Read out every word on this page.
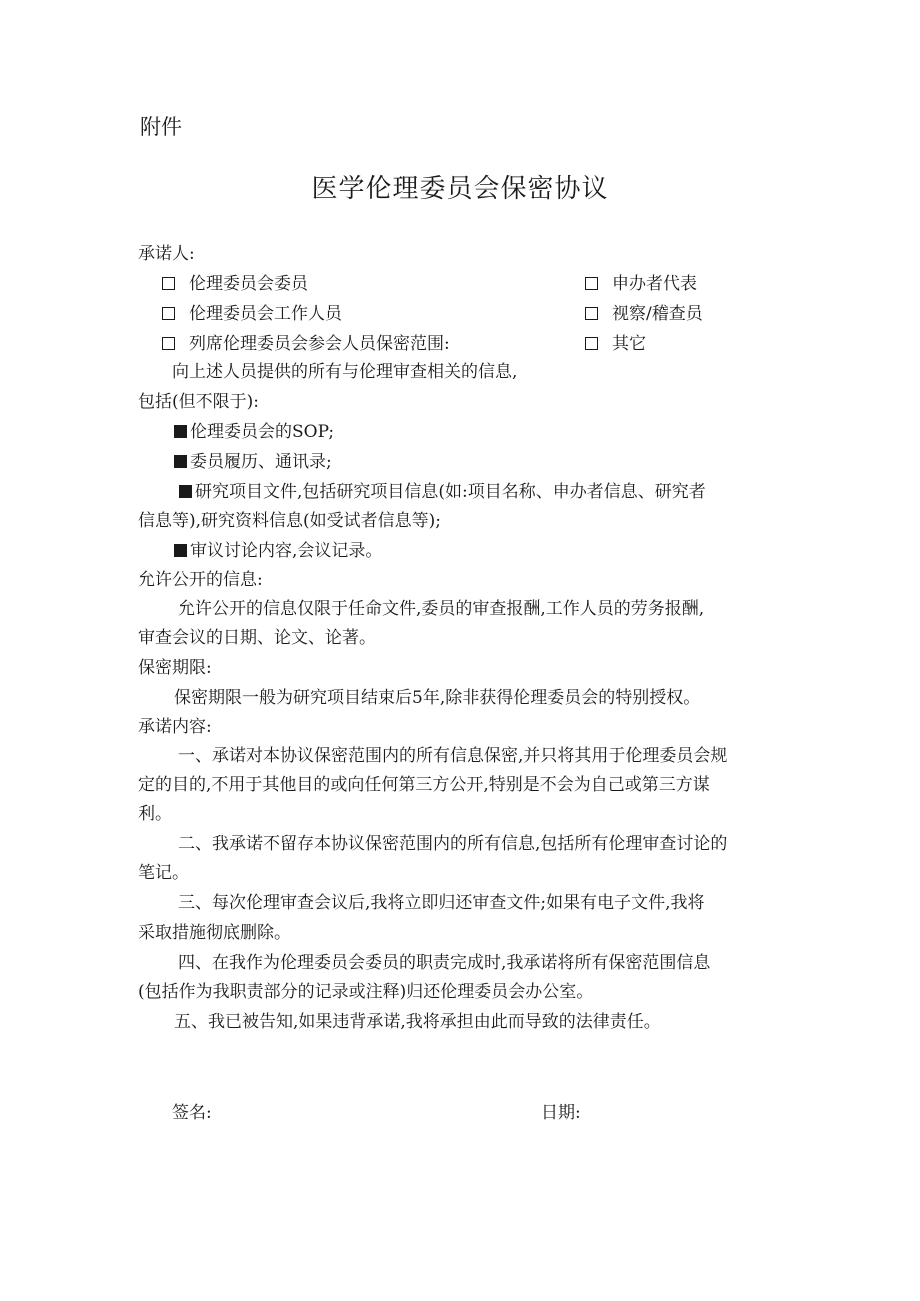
附件
医学伦理委员会保密协议
承诺人:
伦理委员会委员
伦理委员会工作人员
列席伦理委员会参会人员保密范围:
申办者代表
视察/稽查员
其它
向上述人员提供的所有与伦理审查相关的信息,
包括(但不限于):
伦理委员会的SOP;
委员履历、通讯录;
研究项目文件,包括研究项目信息(如:项目名称、申办者信息、研究者
信息等),研究资料信息(如受试者信息等);
审议讨论内容,会议记录。
允许公开的信息:
允许公开的信息仅限于任命文件,委员的审查报酬,工作人员的劳务报酬,
审查会议的日期、论文、论著。
保密期限:
保密期限一般为研究项目结束后5年,除非获得伦理委员会的特别授权。
承诺内容:
一、承诺对本协议保密范围内的所有信息保密,并只将其用于伦理委员会规
定的目的,不用于其他目的或向任何第三方公开,特别是不会为自己或第三方谋
利。
二、我承诺不留存本协议保密范围内的所有信息,包括所有伦理审查讨论的
笔记。
三、每次伦理审查会议后,我将立即归还审查文件;如果有电子文件,我将
采取措施彻底删除。
四、在我作为伦理委员会委员的职责完成时,我承诺将所有保密范围信息
(包括作为我职责部分的记录或注释)归还伦理委员会办公室。
五、我已被告知,如果违背承诺,我将承担由此而导致的法律责任。
签名:	日期:
